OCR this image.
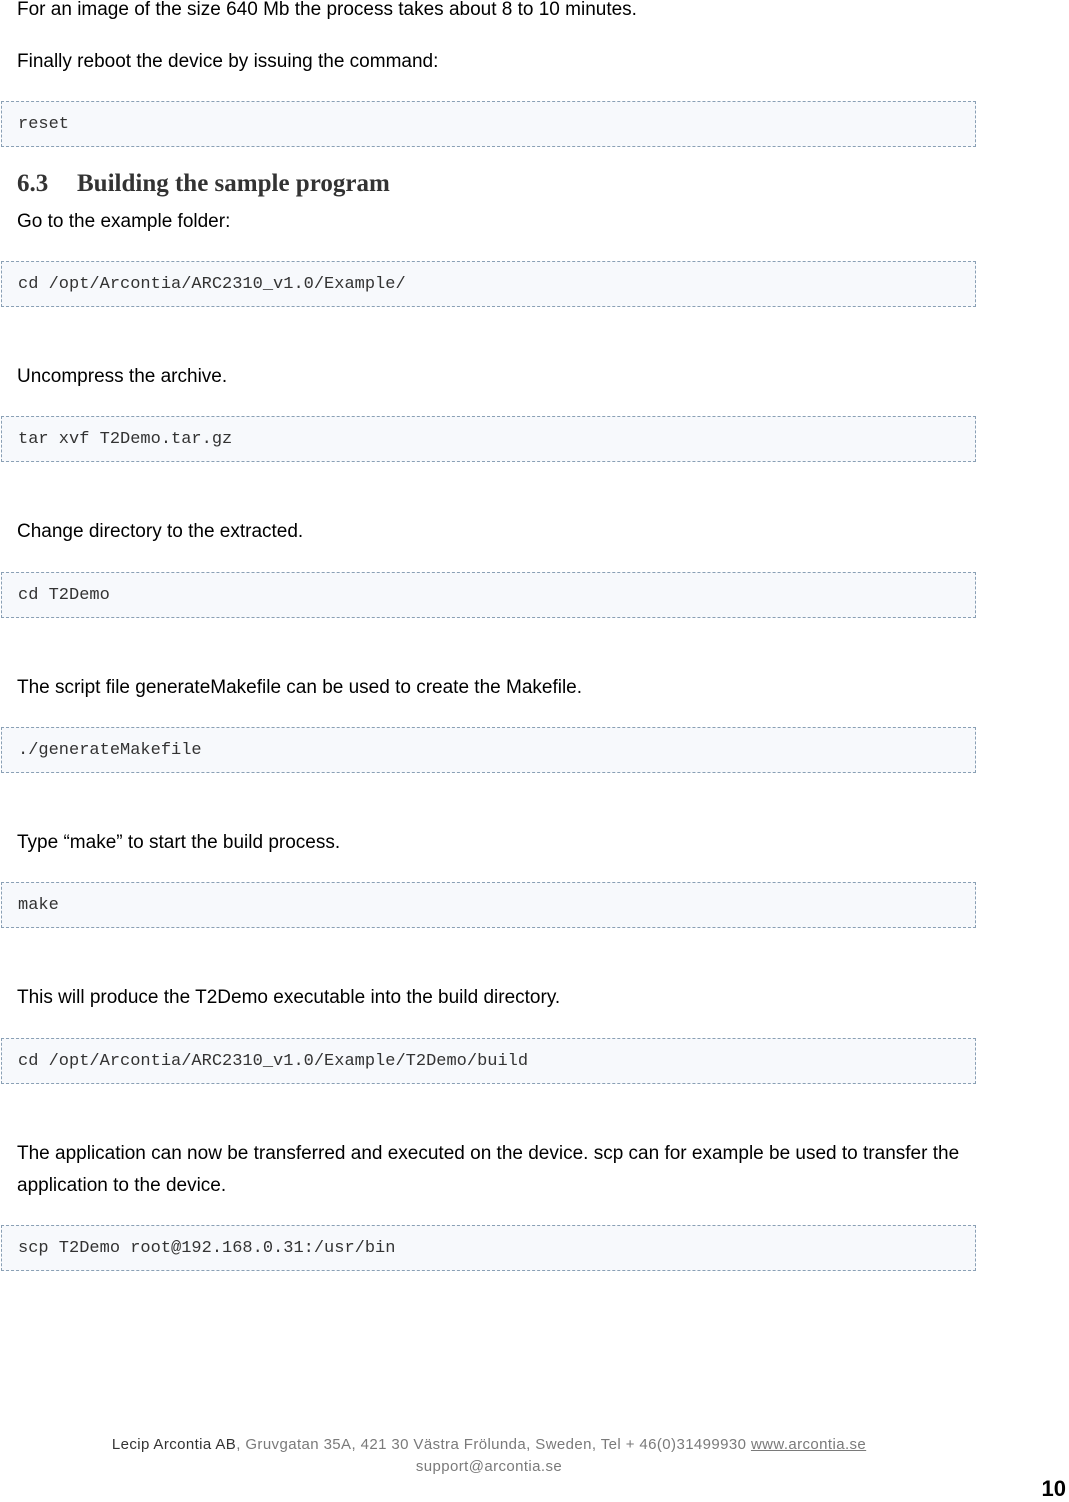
For an image of the size 640 Mb the process takes about 8 to 10 minutes.
Finally reboot the device by issuing the command:
reset
6.3 Building the sample program
Go to the example folder:
cd /opt/Arcontia/ARC2310_v1.0/Example/
Uncompress the archive.
tar xvf T2Demo.tar.gz
Change directory to the extracted.
cd T2Demo
The script file generateMakefile can be used to create the Makefile.
./generateMakefile
Type “make” to start the build process.
make
This will produce the T2Demo executable into the build directory.
cd /opt/Arcontia/ARC2310_v1.0/Example/T2Demo/build
The application can now be transferred and executed on the device. scp can for example be used to transfer the application to the device.
scp T2Demo root@192.168.0.31:/usr/bin
Lecip Arcontia AB, Gruvgatan 35A, 421 30 Västra Frölunda, Sweden, Tel + 46(0)31499930 www.arcontia.se
support@arcontia.se
10
